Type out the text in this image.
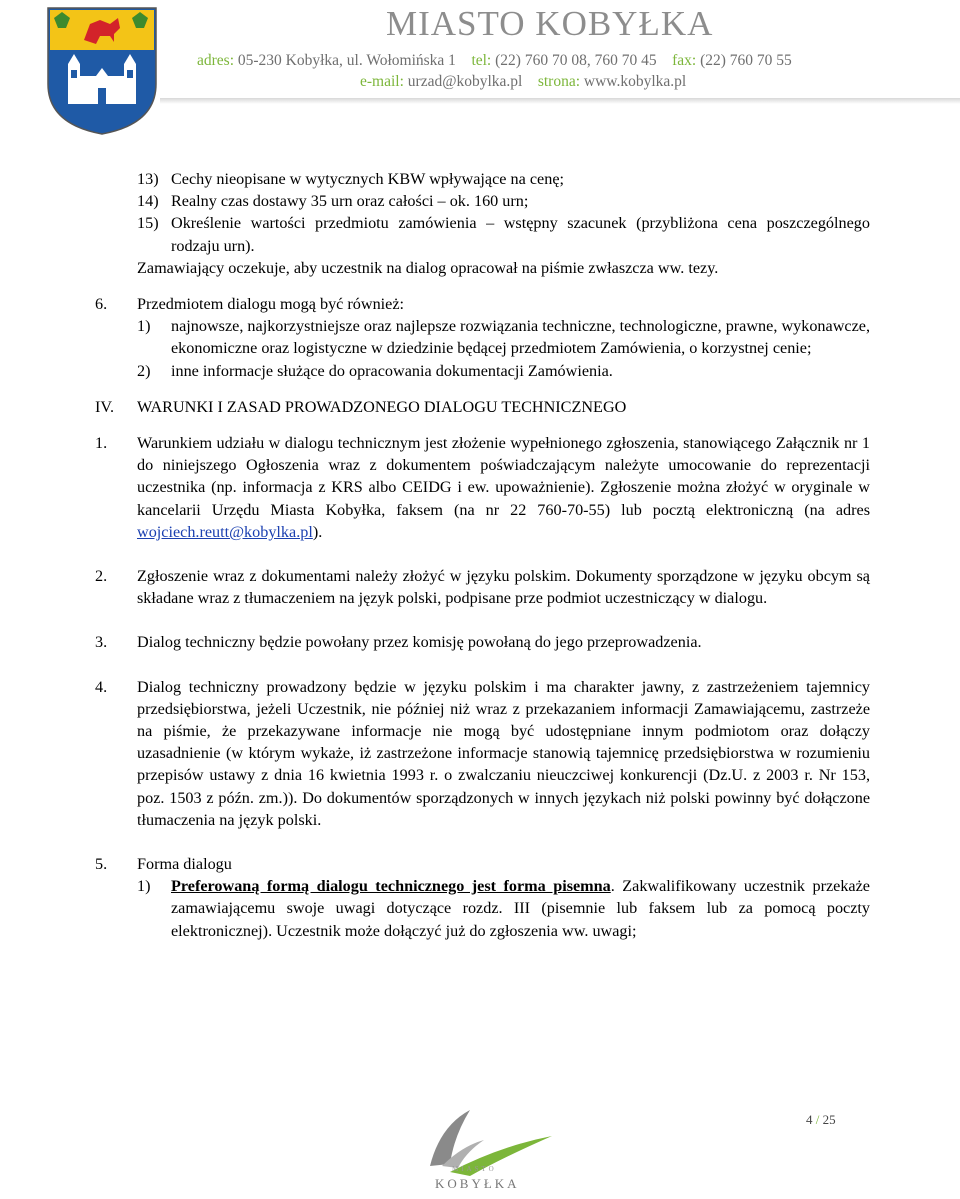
MIASTO KOBYŁKA
adres: 05-230 Kobyłka, ul. Wołomińska 1 tel: (22) 760 70 08, 760 70 45 fax: (22) 760 70 55
e-mail: urzad@kobylka.pl strona: www.kobylka.pl
13) Cechy nieopisane w wytycznych KBW wpływające na cenę;
14) Realny czas dostawy 35 urn oraz całości – ok. 160 urn;
15) Określenie wartości przedmiotu zamówienia – wstępny szacunek (przybliżona cena poszczególnego rodzaju urn).
Zamawiający oczekuje, aby uczestnik na dialog opracował na piśmie zwłaszcza ww. tezy.
6. Przedmiotem dialogu mogą być również:
1) najnowsze, najkorzystniejsze oraz najlepsze rozwiązania techniczne, technologiczne, prawne, wykonawcze, ekonomiczne oraz logistyczne w dziedzinie będącej przedmiotem Zamówienia, o korzystnej cenie;
2) inne informacje służące do opracowania dokumentacji Zamówienia.
IV. WARUNKI I ZASAD PROWADZONEGO DIALOGU TECHNICZNEGO
1. Warunkiem udziału w dialogu technicznym jest złożenie wypełnionego zgłoszenia, stanowiącego Załącznik nr 1 do niniejszego Ogłoszenia wraz z dokumentem poświadczającym należyte umocowanie do reprezentacji uczestnika (np. informacja z KRS albo CEIDG i ew. upoważnienie). Zgłoszenie można złożyć w oryginale w kancelarii Urzędu Miasta Kobyłka, faksem (na nr 22 760-70-55) lub pocztą elektroniczną (na adres wojciech.reutt@kobylka.pl).
2. Zgłoszenie wraz z dokumentami należy złożyć w języku polskim. Dokumenty sporządzone w języku obcym są składane wraz z tłumaczeniem na język polski, podpisane prze podmiot uczestniczący w dialogu.
3. Dialog techniczny będzie powołany przez komisję powołaną do jego przeprowadzenia.
4. Dialog techniczny prowadzony będzie w języku polskim i ma charakter jawny, z zastrzeżeniem tajemnicy przedsiębiorstwa, jeżeli Uczestnik, nie później niż wraz z przekazaniem informacji Zamawiającemu, zastrzeże na piśmie, że przekazywane informacje nie mogą być udostępniane innym podmiotom oraz dołączy uzasadnienie (w którym wykaże, iż zastrzeżone informacje stanowią tajemnicę przedsiębiorstwa w rozumieniu przepisów ustawy z dnia 16 kwietnia 1993 r. o zwalczaniu nieuczciwej konkurencji (Dz.U. z 2003 r. Nr 153, poz. 1503 z późn. zm.)). Do dokumentów sporządzonych w innych językach niż polski powinny być dołączone tłumaczenia na język polski.
5. Forma dialogu
1) Preferowaną formą dialogu technicznego jest forma pisemna. Zakwalifikowany uczestnik przekaże zamawiającemu swoje uwagi dotyczące rozdz. III (pisemnie lub faksem lub za pomocą poczty elektronicznej). Uczestnik może dołączyć już do zgłoszenia ww. uwagi;
4 / 25
MIASTO
KOBYŁKA
